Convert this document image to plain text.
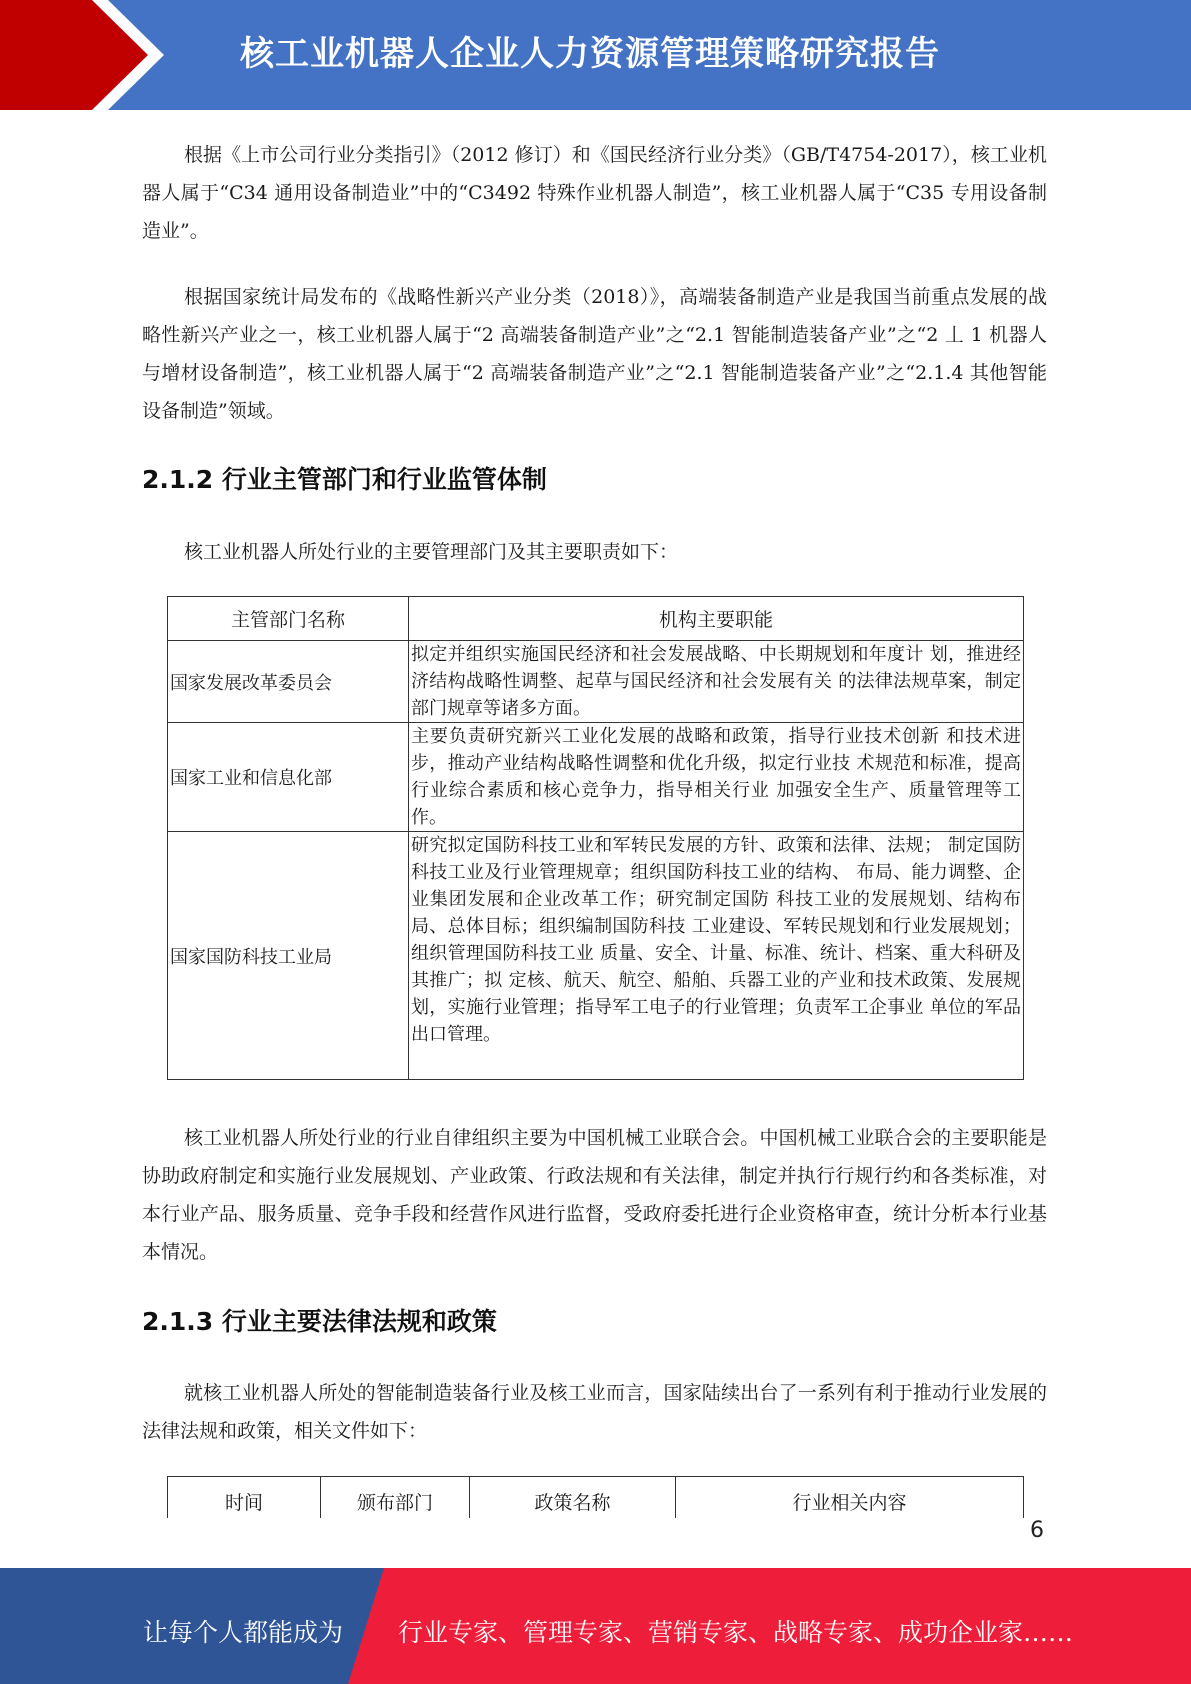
核工业机器人企业人力资源管理策略研究报告

根据《上市公司行业分类指引》（2012 修订）和《国民经济行业分类》（GB/T4754-2017），核工业机器人属于“C34 通用设备制造业”中的“C3492 特殊作业机器人制造”，核工业机器人属于“C35 专用设备制造业”。

根据国家统计局发布的《战略性新兴产业分类（2018）》，高端装备制造产业是我国当前重点发展的战略性新兴产业之一，核工业机器人属于“2 高端装备制造产业”之“2.1 智能制造装备产业”之“2 丄 1 机器人与增材设备制造”，核工业机器人属于“2 高端装备制造产业”之“2.1 智能制造装备产业”之“2.1.4 其他智能设备制造”领域。

2.1.2 行业主管部门和行业监管体制

核工业机器人所处行业的主要管理部门及其主要职责如下：

主管部门名称	机构主要职能
国家发展改革委员会	拟定并组织实施国民经济和社会发展战略、中长期规划和年度计 划，推进经济结构战略性调整、起草与国民经济和社会发展有关 的法律法规草案，制定部门规章等诸多方面。
国家工业和信息化部	主要负责研究新兴工业化发展的战略和政策，指导行业技术创新 和技术进步，推动产业结构战略性调整和优化升级，拟定行业技 术规范和标准，提高行业综合素质和核心竞争力，指导相关行业 加强安全生产、质量管理等工作。
国家国防科技工业局	研究拟定国防科技工业和军转民发展的方针、政策和法律、法规； 制定国防科技工业及行业管理规章；组织国防科技工业的结构、 布局、能力调整、企业集团发展和企业改革工作；研究制定国防 科技工业的发展规划、结构布局、总体目标；组织编制国防科技 工业建设、军转民规划和行业发展规划；组织管理国防科技工业 质量、安全、计量、标准、统计、档案、重大科研及其推广；拟 定核、航天、航空、船舶、兵器工业的产业和技术政策、发展规 划，实施行业管理；指导军工电子的行业管理；负责军工企事业 单位的军品出口管理。

核工业机器人所处行业的行业自律组织主要为中国机械工业联合会。中国机械工业联合会的主要职能是协助政府制定和实施行业发展规划、产业政策、行政法规和有关法律，制定并执行行规行约和各类标准，对本行业产品、服务质量、竞争手段和经营作风进行监督，受政府委托进行企业资格审查，统计分析本行业基本情况。

2.1.3 行业主要法律法规和政策

就核工业机器人所处的智能制造装备行业及核工业而言，国家陆续出台了一系列有利于推动行业发展的法律法规和政策，相关文件如下：

时间	颁布部门	政策名称	行业相关内容
6
让每个人都能成为 行业专家、管理专家、营销专家、战略专家、成功企业家……
